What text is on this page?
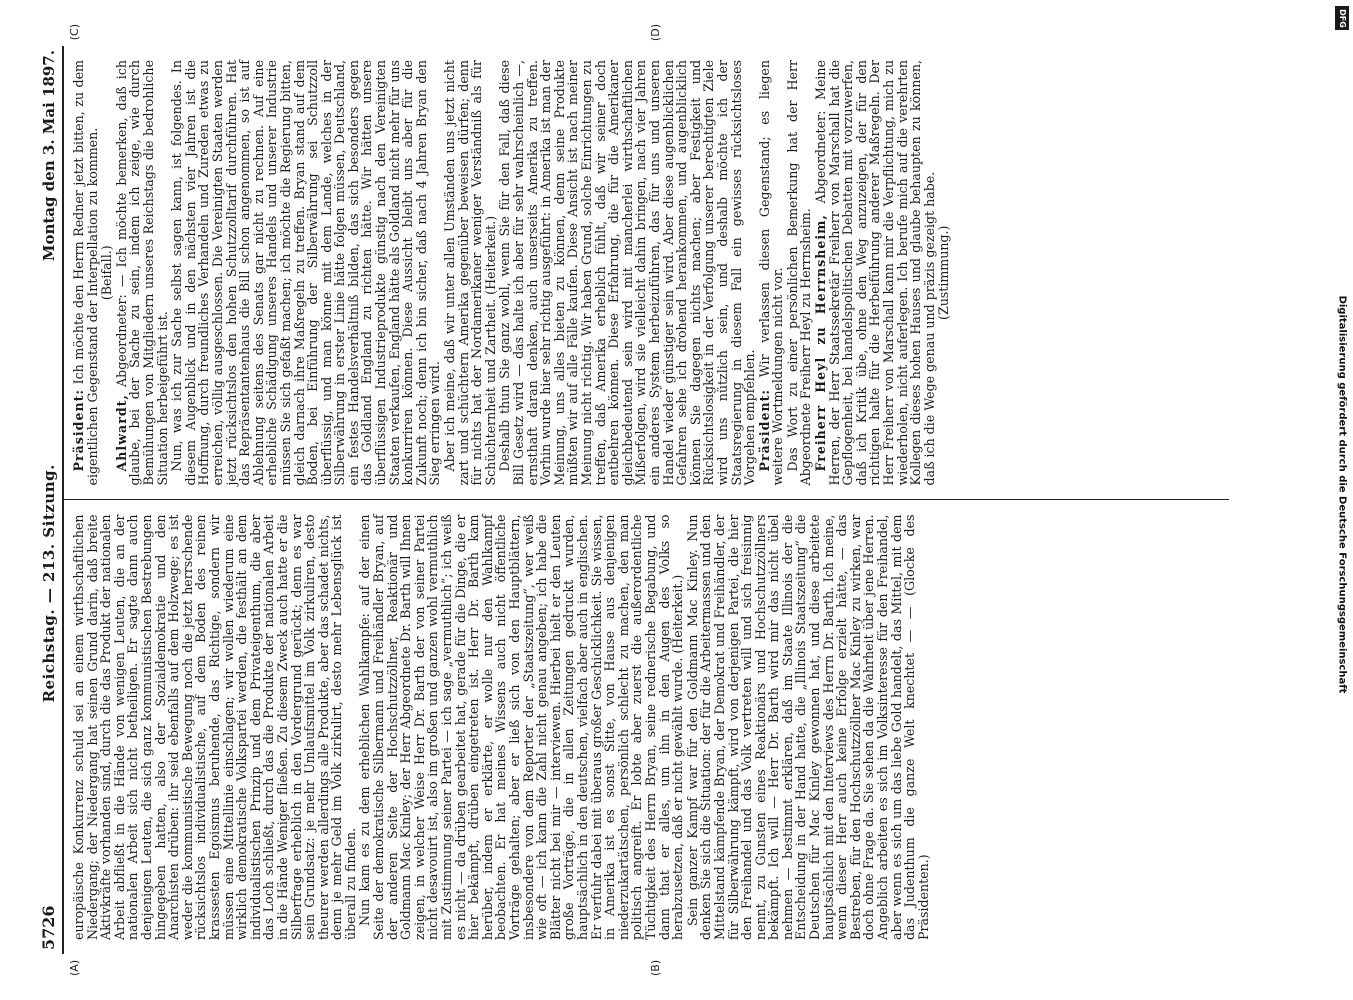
DFG
Digitalisierung gefördert durch die Deutsche Forschungsgemeinschaft
5726
Reichstag. — 213. Sitzung.
Montag den 3. Mai 1897.
(A)	(B)

europäische Konkurrenz schuld sei an einem wirthschaftlichen Niedergang; der Niedergang hat seinen Grund darin, daß breite Aktivkräfte vorhanden sind, durch die das Produkt der nationalen Arbeit abfließt in die Hände von wenigen Leuten, die an der nationalen Arbeit sich nicht betheiligen. Er sagte dann auch denjenigen Leuten, die sich ganz kommunistischen Bestrebungen hingegeben hatten, also der Sozialdemokratie und den Anarchisten drüben: ihr seid ebenfalls auf dem Holzwege; es ist weder die kommunistische Bewegung noch die jetzt herrschende rücksichtslos individualistische, auf dem Boden des reinen krassesten Egoismus beruhende, das Richtige, sondern wir müssen eine Mittellinie einschlagen; wir wollen wiederum eine wirklich demokratische Volkspartei werden, die festhält an dem individualistischen Prinzip und dem Privateigenthum, die aber das Loch schließt, durch das die Produkte der nationalen Arbeit in die Hände Weniger fließen. Zu diesem Zweck auch hatte er die Silberfrage erheblich in den Vordergrund gerückt; denn es war sein Grundsatz: je mehr Umlaufsmittel im Volk zirkuliren, desto theurer werden allerdings alle Produkte, aber das schadet nichts, denn je mehr Geld im Volk zirkulirt, desto mehr Lebensglück ist überall zu finden. Nun kam es zu dem erheblichen Wahlkampfe: auf der einen Seite der demokratische Silbermann und Freihändler Bryan, auf der anderen Seite der Hochschutzzöllner, Reaktionär und Goldmann Mac Kinley; der Herr Abgeordnete Dr. Barth will Ihnen zeigen, in welcher Weise Herr Dr. Barth der von seiner Partei nicht desavouirt ist, also im großen und ganzen wohl vermuthlich mit Zustimmung seiner Partei — ich sage „vermuthlich“; ich weiß es nicht — da drüben gearbeitet hat, gerade für die Dinge, die er hier bekämpft, drüben eingetreten ist. Herr Dr. Barth kam herüber, indem er erklärte, er wolle nur den Wahlkampf beobachten. Er hat meines Wissens auch nicht öffentliche Vorträge gehalten; aber er ließ sich von den Hauptblättern, insbesondere von dem Reporter der „Staatszeitung“, wer weiß wie oft — ich kann die Zahl nicht genau angeben; ich habe die Blätter nicht bei mir — interviewen. Hierbei hielt er den Leuten große Vorträge, die in allen Zeitungen gedruckt wurden, hauptsächlich in den deutschen, vielfach aber auch in englischen. Er verfuhr dabei mit überaus großer Geschicklichkeit. Sie wissen, in Amerika ist es sonst Sitte, von Hause aus denjenigen niederzukartätschen, persönlich schlecht zu machen, den man politisch angreift. Er lobte aber zuerst die außerordentliche Tüchtigkeit des Herrn Bryan, seine rednerische Begabung, und dann that er alles, um ihn in den Augen des Volks so herabzusetzen, daß er nicht gewählt wurde. (Heiterkeit.) Sein ganzer Kampf war für den Goldmann Mac Kinley. Nun denken Sie sich die Situation: der für die Arbeitermassen und den Mittelstand kämpfende Bryan, der Demokrat und Freihändler, der für Silberwährung kämpft, wird von derjenigen Partei, die hier den Freihandel und das Volk vertreten will und sich freisinnig nennt, zu Gunsten eines Reaktionärs und Hochschutzzöllners bekämpft. Ich will — Herr Dr. Barth wird mir das nicht übel nehmen — bestimmt erklären, daß im Staate Illinois der die Entscheidung in der Hand hatte, die „Illinois Staatszeitung“ die Deutschen für Mac Kinley gewonnen hat, und diese arbeitete hauptsächlich mit den Interviews des Herrn Dr. Barth. Ich meine, wenn dieser Herr auch keine Erfolge erzielt hätte, — das Bestreben, für den Hochschutzzöllner Mac Kinley zu wirken, war doch ohne Frage da. Sie sehen da die Wahrheit über jene Herren. Angeblich arbeiten es sich im Volksinteresse für den Freihandel, aber wenn es sich um das liebe Gold handelt, das Mittel, mit dem das Judenthum die ganze Welt knechtet — — (Glocke des Präsidenten.)

(C)	(D)

Präsident: Ich möchte den Herrn Redner jetzt bitten, zu dem eigentlichen Gegenstand der Interpellation zu kommen. (Beifall.)

Ahlwardt, Abgeordneter: — Ich möchte bemerken, daß ich glaube, bei der Sache zu sein, indem ich zeige, wie durch Bemühungen von Mitgliedern unseres Reichstags die bedrohliche Situation herbeigeführt ist. Nun, was ich zur Sache selbst sagen kann, ist folgendes. In diesem Augenblick und in den nächsten vier Jahren ist die Hoffnung, durch freundliches Verhandeln und Zureden etwas zu erreichen, völlig ausgeschlossen. Die Vereinigten Staaten werden jetzt rücksichtslos den hohen Schutzzolltarif durchführen. Hat das Repräsentantenhaus die Bill schon angenommen, so ist auf Ablehnung seitens des Senats gar nicht zu rechnen. Auf eine erhebliche Schädigung unseres Handels und unserer Industrie müssen Sie sich gefaßt machen; ich möchte die Regierung bitten, gleich darnach ihre Maßregeln zu treffen. Bryan stand auf dem Boden, bei Einführung der Silberwährung sei Schutzzoll überflüssig, und man könne mit dem Lande, welches in der Silberwährung in erster Linie hätte folgen müssen, Deutschland, ein festes Handelsverhältniß bilden, das sich besonders gegen das Goldland England zu richten hätte. Wir hätten unsere überflüssigen Industrieprodukte günstig nach den Vereinigten Staaten verkaufen, England hätte als Goldland nicht mehr für uns konkurriren können. Diese Aussicht bleibt uns aber für die Zukunft noch; denn ich bin sicher, daß nach 4 Jahren Bryan den Sieg erringen wird. Aber ich meine, daß wir unter allen Umständen uns jetzt nicht zart und schüchtern Amerika gegenüber beweisen dürfen; denn für nichts hat der Nordamerikaner weniger Verständniß als für Schüchternheit und Zartheit. (Heiterkeit.) Deshalb thun Sie ganz wohl, wenn Sie für den Fall, daß diese Bill Gesetz wird — das halte ich aber für sehr wahrscheinlich —, ernsthaft daran denken, auch unserseits Amerika zu treffen. Vorhin wurde hier sehr richtig ausgeführt: in Amerika ist man der Meinung, uns alles bieten zu können, denn seine Produkte müßten wir auf alle Fälle kaufen. Diese Ansicht ist nach meiner Meinung nicht richtig. Wir haben Grund, solche Einrichtungen zu treffen, daß Amerika erheblich fühlt, daß wir seiner doch entbehren können. Diese Erfahrung, die für die Amerikaner gleichbedeutend sein wird mit mancherlei wirthschaftlichen Mißerfolgen, wird sie vielleicht dahin bringen, nach vier Jahren ein anderes System herbeizuführen, das für uns und unseren Handel wieder günstiger sein wird. Aber diese augenblicklichen Gefahren sehe ich drohend herankommen, und augenblicklich können Sie dagegen nichts machen; aber Festigkeit und Rücksichtslosigkeit in der Verfolgung unserer berechtigten Ziele wird uns nützlich sein, und deshalb möchte ich der Staatsregierung in diesem Fall ein gewisses rücksichtsloses Vorgehen empfehlen. Präsident: Wir verlassen diesen Gegenstand; es liegen weitere Wortmeldungen nicht vor. Das Wort zu einer persönlichen Bemerkung hat der Herr Abgeordnete Freiherr Heyl zu Herrnsheim. Freiherr Heyl zu Herrnsheim, Abgeordneter: Meine Herren, der Herr Staatssekretär Freiherr von Marschall hat die Gepflogenheit, bei handelspolitischen Debatten mit vorzuwerfen, daß ich Kritik übe, ohne den Weg anzuzeigen, der für den richtigen halte für die Herbeiführung anderer Maßregeln. Der Herr Freiherr von Marschall kann mir die Verpflichtung, mich zu wiederholen, nicht auferlegen. Ich berufe mich auf die verehrten Kollegen dieses hohen Hauses und glaube behaupten zu können, daß ich die Wege genau und präzis gezeigt habe. (Zustimmung.)
